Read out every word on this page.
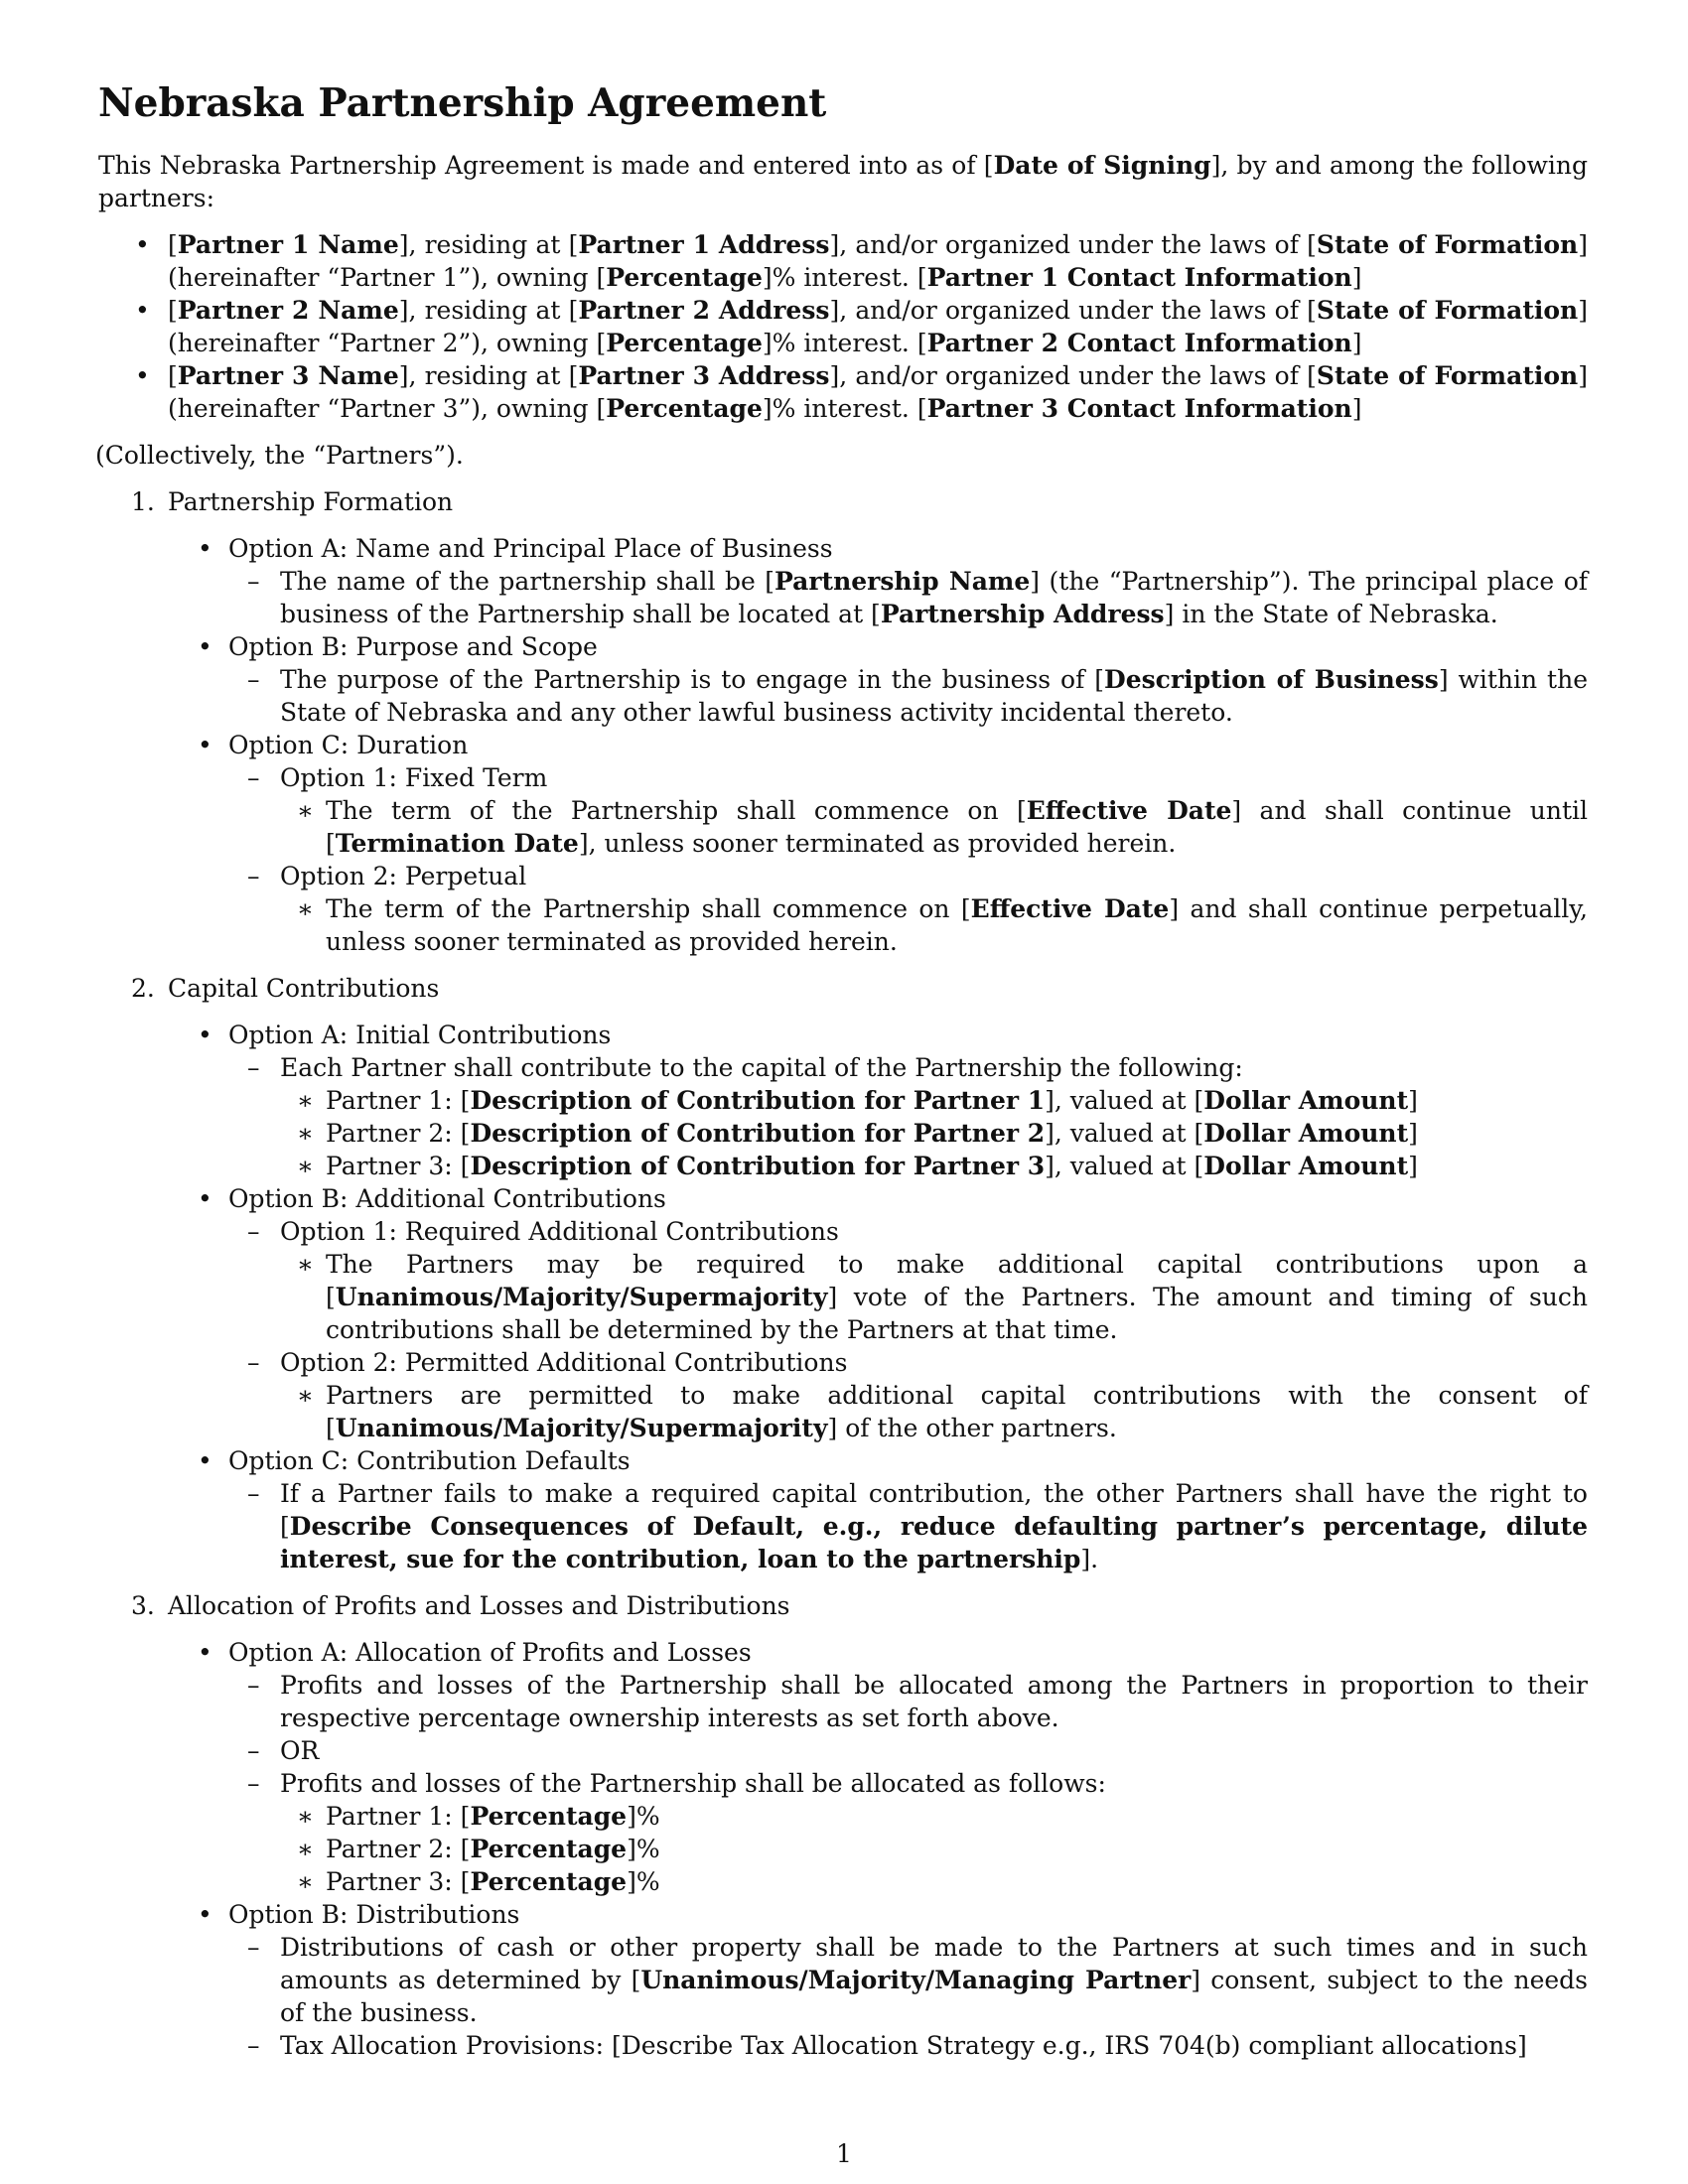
Nebraska Partnership Agreement

This Nebraska Partnership Agreement is made and entered into as of [Date of Signing], by and among the following partners:

• [Partner 1 Name], residing at [Partner 1 Address], and/or organized under the laws of [State of Formation] (hereinafter “Partner 1”), owning [Percentage]% interest. [Partner 1 Contact Information]
• [Partner 2 Name], residing at [Partner 2 Address], and/or organized under the laws of [State of Formation] (hereinafter “Partner 2”), owning [Percentage]% interest. [Partner 2 Contact Information]
• [Partner 3 Name], residing at [Partner 3 Address], and/or organized under the laws of [State of Formation] (hereinafter “Partner 3”), owning [Percentage]% interest. [Partner 3 Contact Information]

(Collectively, the “Partners”).

1. Partnership Formation
• Option A: Name and Principal Place of Business
– The name of the partnership shall be [Partnership Name] (the “Partnership”). The principal place of business of the Partnership shall be located at [Partnership Address] in the State of Nebraska.
• Option B: Purpose and Scope
– The purpose of the Partnership is to engage in the business of [Description of Business] within the State of Nebraska and any other lawful business activity incidental thereto.
• Option C: Duration
– Option 1: Fixed Term
∗ The term of the Partnership shall commence on [Effective Date] and shall continue until [Termination Date], unless sooner terminated as provided herein.
– Option 2: Perpetual
∗ The term of the Partnership shall commence on [Effective Date] and shall continue perpetually, unless sooner terminated as provided herein.
2. Capital Contributions
• Option A: Initial Contributions
– Each Partner shall contribute to the capital of the Partnership the following:
∗ Partner 1: [Description of Contribution for Partner 1], valued at [Dollar Amount]
∗ Partner 2: [Description of Contribution for Partner 2], valued at [Dollar Amount]
∗ Partner 3: [Description of Contribution for Partner 3], valued at [Dollar Amount]
• Option B: Additional Contributions
– Option 1: Required Additional Contributions
∗ The Partners may be required to make additional capital contributions upon a [Unanimous/Majority/Supermajority] vote of the Partners. The amount and timing of such contributions shall be determined by the Partners at that time.
– Option 2: Permitted Additional Contributions
∗ Partners are permitted to make additional capital contributions with the consent of [Unanimous/Majority/Supermajority] of the other partners.
• Option C: Contribution Defaults
– If a Partner fails to make a required capital contribution, the other Partners shall have the right to [Describe Consequences of Default, e.g., reduce defaulting partner’s percentage, dilute interest, sue for the contribution, loan to the partnership].
3. Allocation of Profits and Losses and Distributions
• Option A: Allocation of Profits and Losses
– Profits and losses of the Partnership shall be allocated among the Partners in proportion to their respective percentage ownership interests as set forth above.
– OR
– Profits and losses of the Partnership shall be allocated as follows:
∗ Partner 1: [Percentage]%
∗ Partner 2: [Percentage]%
∗ Partner 3: [Percentage]%
• Option B: Distributions
– Distributions of cash or other property shall be made to the Partners at such times and in such amounts as determined by [Unanimous/Majority/Managing Partner] consent, subject to the needs of the business.
– Tax Allocation Provisions: [Describe Tax Allocation Strategy e.g., IRS 704(b) compliant allocations]
1
